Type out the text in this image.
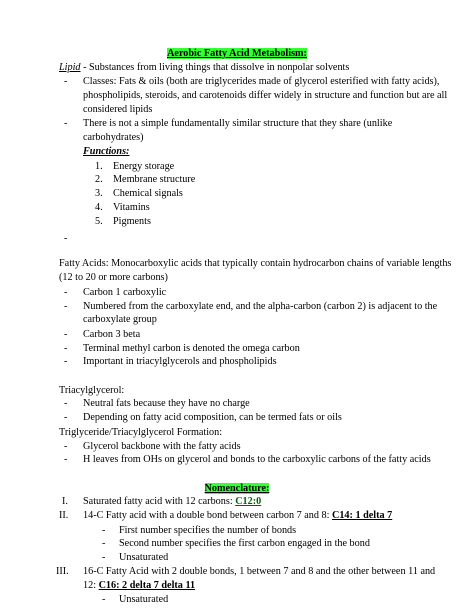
Aerobic Fatty Acid Metabolism:
Lipid - Substances from living things that dissolve in nonpolar solvents
- Classes: Fats & oils (both are triglycerides made of glycerol esterified with fatty acids),
phospholipids, steroids, and carotenoids differ widely in structure and function but are all
considered lipids
- There is not a simple fundamentally similar structure that they share (unlike
carbohydrates)
Functions:
1. Energy storage
2. Membrane structure
3. Chemical signals
4. Vitamins
5. Pigments
-
Fatty Acids: Monocarboxylic acids that typically contain hydrocarbon chains of variable lengths
(12 to 20 or more carbons)
- Carbon 1 carboxylic
- Numbered from the carboxylate end, and the alpha-carbon (carbon 2) is adjacent to the
carboxylate group
- Carbon 3 beta
- Terminal methyl carbon is denoted the omega carbon
- Important in triacylglycerols and phospholipids
Triacylglycerol:
- Neutral fats because they have no charge
- Depending on fatty acid composition, can be termed fats or oils
Triglyceride/Triacylglycerol Formation:
- Glycerol backbone with the fatty acids
- H leaves from OHs on glycerol and bonds to the carboxylic carbons of the fatty acids
Nomenclature:
I. Saturated fatty acid with 12 carbons: C12:0
II. 14-C Fatty acid with a double bond between carbon 7 and 8: C14: 1 delta 7
- First number specifies the number of bonds
- Second number specifies the first carbon engaged in the bond
- Unsaturated
III. 16-C Fatty Acid with 2 double bonds, 1 between 7 and 8 and the other between 11 and
12: C16: 2 delta 7 delta 11
- Unsaturated
